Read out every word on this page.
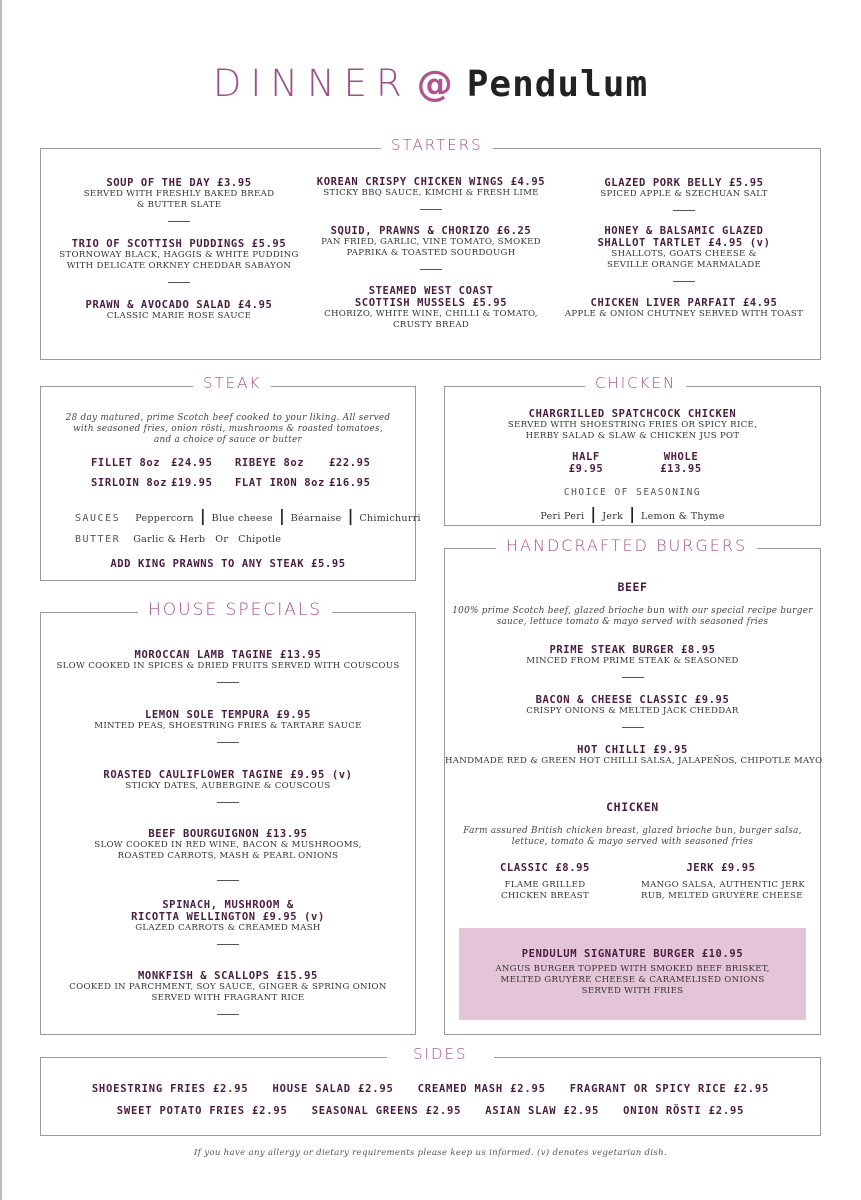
DINNER @ Pendulum
STARTERS
SOUP OF THE DAY £3.95
SERVED WITH FRESHLY BAKED BREAD
& BUTTER SLATE
TRIO OF SCOTTISH PUDDINGS £5.95
STORNOWAY BLACK, HAGGIS & WHITE PUDDING
WITH DELICATE ORKNEY CHEDDAR SABAYON
PRAWN & AVOCADO SALAD £4.95
CLASSIC MARIE ROSE SAUCE
KOREAN CRISPY CHICKEN WINGS £4.95
STICKY BBQ SAUCE, KIMCHI & FRESH LIME
SQUID, PRAWNS & CHORIZO £6.25
PAN FRIED, GARLIC, VINE TOMATO, SMOKED
PAPRIKA & TOASTED SOURDOUGH
STEAMED WEST COAST
SCOTTISH MUSSELS £5.95
CHORIZO, WHITE WINE, CHILLI & TOMATO,
CRUSTY BREAD
GLAZED PORK BELLY £5.95
SPICED APPLE & SZECHUAN SALT
HONEY & BALSAMIC GLAZED
SHALLOT TARTLET £4.95 (v)
SHALLOTS, GOATS CHEESE &
SEVILLE ORANGE MARMALADE
CHICKEN LIVER PARFAIT £4.95
APPLE & ONION CHUTNEY SERVED WITH TOAST
STEAK
28 day matured, prime Scotch beef cooked to your liking. All served
with seasoned fries, onion rösti, mushrooms & roasted tomatoes,
and a choice of sauce or butter
FILLET 8oz £24.95 RIBEYE 8oz £22.95
SIRLOIN 8oz £19.95 FLAT IRON 8oz £16.95
SAUCES Peppercorn | Blue cheese | Béarnaise | Chimichurri
BUTTER Garlic & Herb   Or   Chipotle
ADD KING PRAWNS TO ANY STEAK £5.95
CHICKEN
CHARGRILLED SPATCHCOCK CHICKEN
SERVED WITH SHOESTRING FRIES OR SPICY RICE,
HERBY SALAD & SLAW & CHICKEN JUS POT
HALF
£9.95
WHOLE
£13.95
CHOICE OF SEASONING
Peri Peri | Jerk | Lemon & Thyme
HOUSE SPECIALS
MOROCCAN LAMB TAGINE £13.95
SLOW COOKED IN SPICES & DRIED FRUITS SERVED WITH COUSCOUS
LEMON SOLE TEMPURA £9.95
MINTED PEAS, SHOESTRING FRIES & TARTARE SAUCE
ROASTED CAULIFLOWER TAGINE £9.95 (v)
STICKY DATES, AUBERGINE & COUSCOUS
BEEF BOURGUIGNON £13.95
SLOW COOKED IN RED WINE, BACON & MUSHROOMS,
ROASTED CARROTS, MASH & PEARL ONIONS
SPINACH, MUSHROOM &
RICOTTA WELLINGTON £9.95 (v)
GLAZED CARROTS & CREAMED MASH
MONKFISH & SCALLOPS £15.95
COOKED IN PARCHMENT, SOY SAUCE, GINGER & SPRING ONION
SERVED WITH FRAGRANT RICE
HANDCRAFTED BURGERS
BEEF
100% prime Scotch beef, glazed brioche bun with our special recipe burger
sauce, lettuce tomato & mayo served with seasoned fries
PRIME STEAK BURGER £8.95
MINCED FROM PRIME STEAK & SEASONED
BACON & CHEESE CLASSIC £9.95
CRISPY ONIONS & MELTED JACK CHEDDAR
HOT CHILLI £9.95
HANDMADE RED & GREEN HOT CHILLI SALSA, JALAPEÑOS, CHIPOTLE MAYO
CHICKEN
Farm assured British chicken breast, glazed brioche bun, burger salsa,
lettuce, tomato & mayo served with seasoned fries
CLASSIC £8.95
FLAME GRILLED
CHICKEN BREAST
JERK £9.95
MANGO SALSA, AUTHENTIC JERK
RUB, MELTED GRUYÈRE CHEESE
PENDULUM SIGNATURE BURGER £10.95
ANGUS BURGER TOPPED WITH SMOKED BEEF BRISKET,
MELTED GRUYÈRE CHEESE & CARAMELISED ONIONS
SERVED WITH FRIES
SIDES
SHOESTRING FRIES £2.95 HOUSE SALAD £2.95 CREAMED MASH £2.95 FRAGRANT OR SPICY RICE £2.95
SWEET POTATO FRIES £2.95 SEASONAL GREENS £2.95 ASIAN SLAW £2.95 ONION RÖSTI £2.95
If you have any allergy or dietary requirements please keep us informed. (v) denotes vegetarian dish.
